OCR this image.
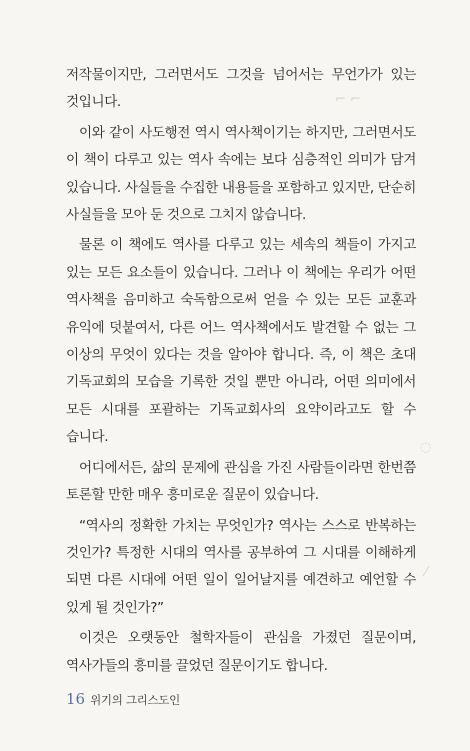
⌐ ⌐
◌
⁄

저작물이지만, 그러면서도 그것을 넘어서는 무언가가 있는 것입니다.

이와 같이 사도행전 역시 역사책이기는 하지만, 그러면서도 이 책이 다루고 있는 역사 속에는 보다 심층적인 의미가 담겨 있습니다. 사실들을 수집한 내용들을 포함하고 있지만, 단순히 사실들을 모아 둔 것으로 그치지 않습니다.

물론 이 책에도 역사를 다루고 있는 세속의 책들이 가지고 있는 모든 요소들이 있습니다. 그러나 이 책에는 우리가 어떤 역사책을 음미하고 숙독함으로써 얻을 수 있는 모든 교훈과 유익에 덧붙여서, 다른 어느 역사책에서도 발견할 수 없는 그 이상의 무엇이 있다는 것을 알아야 합니다. 즉, 이 책은 초대 기독교회의 모습을 기록한 것일 뿐만 아니라, 어떤 의미에서 모든 시대를 포괄하는 기독교회사의 요약이라고도 할 수 습니다.

어디에서든, 삶의 문제에 관심을 가진 사람들이라면 한번쯤 토론할 만한 매우 흥미로운 질문이 있습니다.

“역사의 정확한 가치는 무엇인가? 역사는 스스로 반복하는 것인가? 특정한 시대의 역사를 공부하여 그 시대를 이해하게 되면 다른 시대에 어떤 일이 일어날지를 예견하고 예언할 수 있게 될 것인가?”

이것은 오랫동안 철학자들이 관심을 가졌던 질문이며, 역사가들의 흥미를 끌었던 질문이기도 합니다.

16 위기의 그리스도인
